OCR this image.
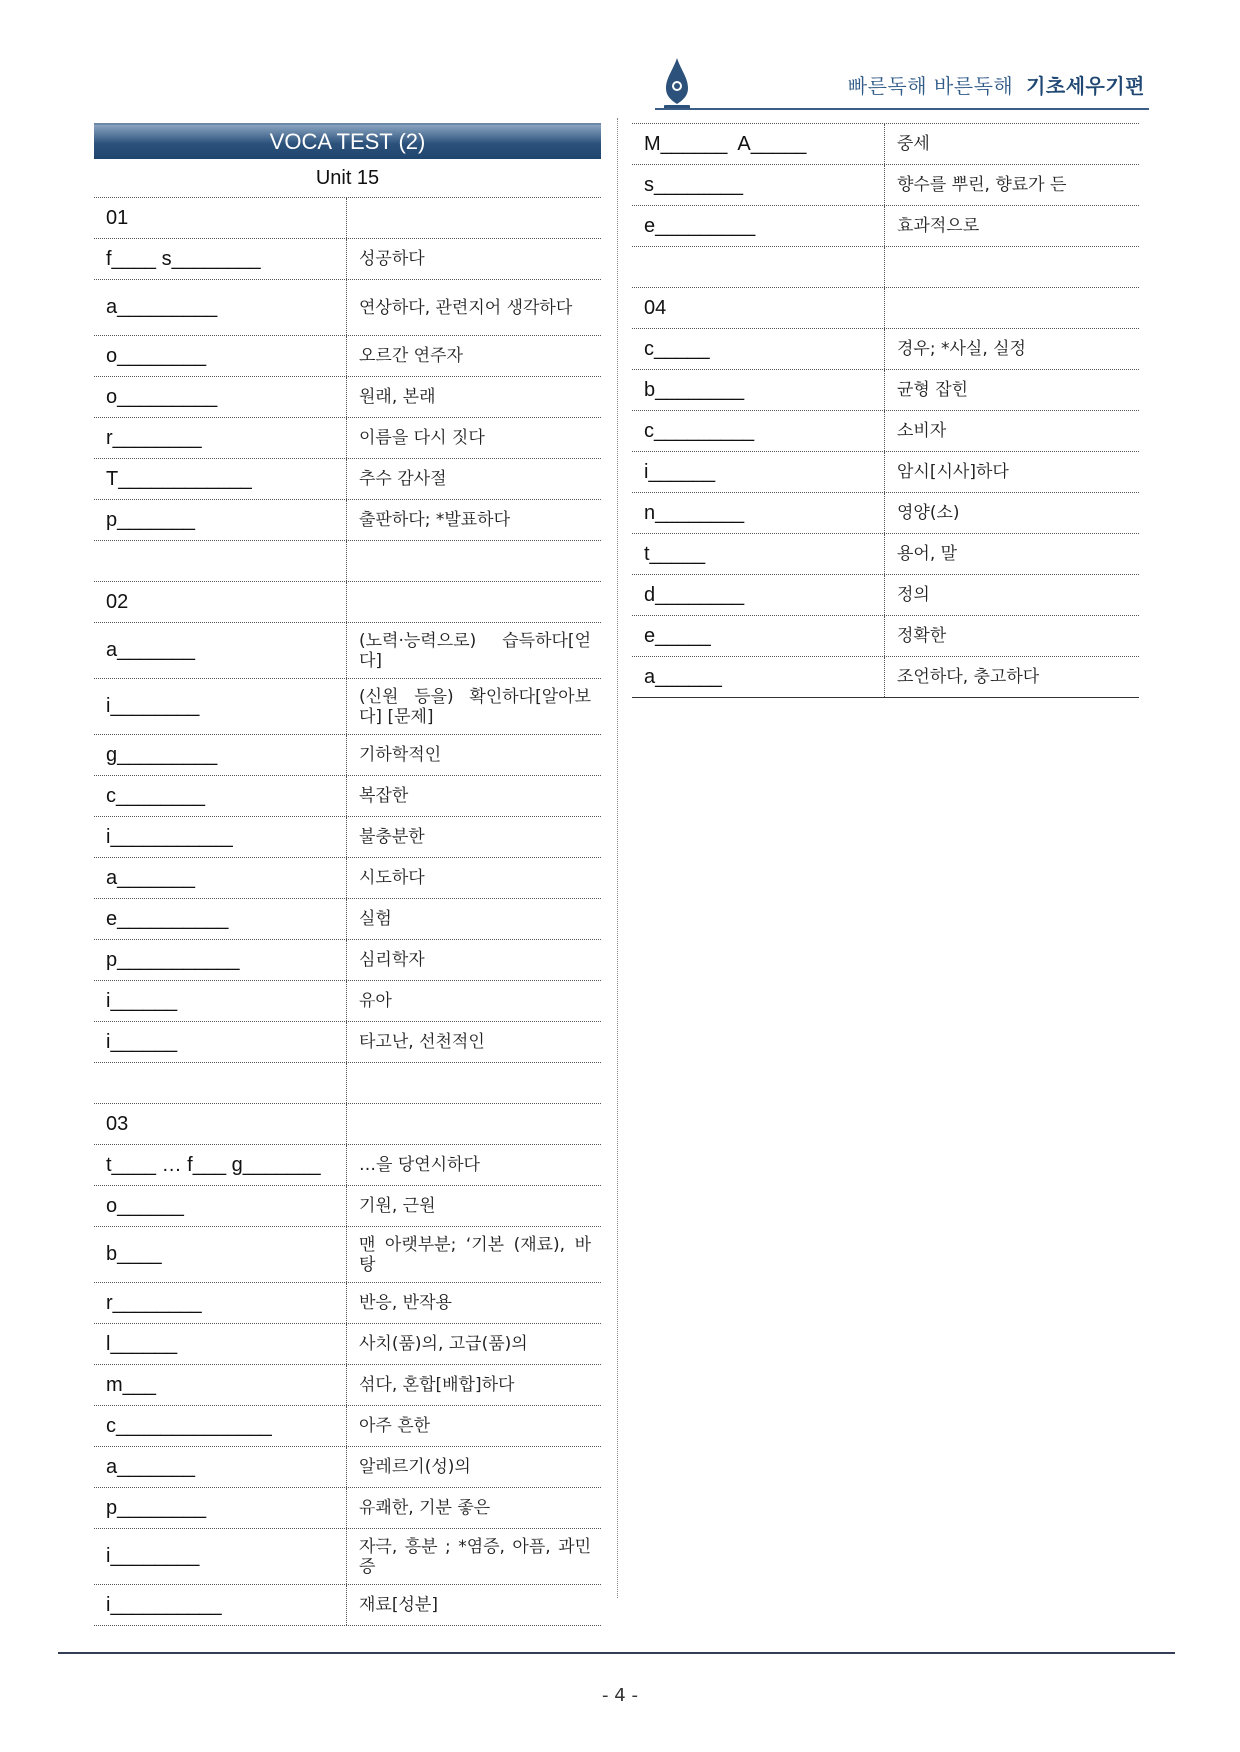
빠른독해 바른독해 기초세우기편
VOCA TEST (2)
Unit 15
01
f____ s________	성공하다
a_________	연상하다, 관련지어 생각하다
o________	오르간 연주자
o_________	원래, 본래
r________	이름을 다시 짓다
T____________	추수 감사절
p_______	출판하다; *발표하다
02
a_______	(노력·능력으로) 습득하다[얻다]
i________	(신원 등을) 확인하다[알아보다] [문제]
g_________	기하학적인
c________	복잡한
i___________	불충분한
a_______	시도하다
e__________	실험
p___________	심리학자
i______	유아
i______	타고난, 선천적인
03
t____ … f___ g_______	…을 당연시하다
o______	기원, 근원
b____	맨 아랫부분; ‘기본 (재료), 바탕
r________	반응, 반작용
l______	사치(품)의, 고급(품)의
m___	섞다, 혼합[배합]하다
c______________	아주 흔한
a_______	알레르기(성)의
p________	유쾌한, 기분 좋은
i________	자극, 흥분 ; *염증, 아픔, 과민증
i__________	재료[성분]
M______  A_____	중세
s________	향수를 뿌린, 향료가 든
e_________	효과적으로
04
c_____	경우; *사실, 실정
b________	균형 잡힌
c_________	소비자
i______	암시[시사]하다
n________	영양(소)
t_____	용어, 말
d________	정의
e_____	정확한
a______	조언하다, 충고하다
- 4 -
